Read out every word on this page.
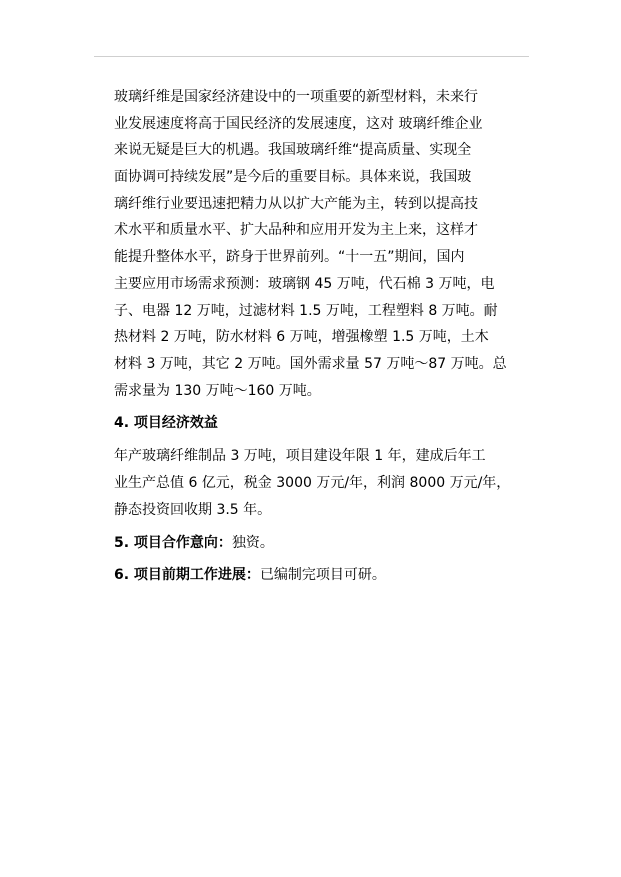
玻璃纤维是国家经济建设中的一项重要的新型材料，未来行
业发展速度将高于国民经济的发展速度，这对 玻璃纤维企业
来说无疑是巨大的机遇。我国玻璃纤维“提高质量、实现全
面协调可持续发展”是今后的重要目标。具体来说，我国玻
璃纤维行业要迅速把精力从以扩大产能为主，转到以提高技
术水平和质量水平、扩大品种和应用开发为主上来，这样才
能提升整体水平，跻身于世界前列。“十一五”期间，国内
主要应用市场需求预测：玻璃钢 45 万吨，代石棉 3 万吨，电
子、电器 12 万吨，过滤材料 1.5 万吨，工程塑料 8 万吨。耐
热材料 2 万吨，防水材料 6 万吨，增强橡塑 1.5 万吨，土木
材料 3 万吨，其它 2 万吨。国外需求量 57 万吨～87 万吨。总
需求量为 130 万吨～160 万吨。
4. 项目经济效益
年产玻璃纤维制品 3 万吨，项目建设年限 1 年，建成后年工
业生产总值 6 亿元，税金 3000 万元/年，利润 8000 万元/年，
静态投资回收期 3.5 年。
5. 项目合作意向：独资。
6. 项目前期工作进展：已编制完项目可研。
